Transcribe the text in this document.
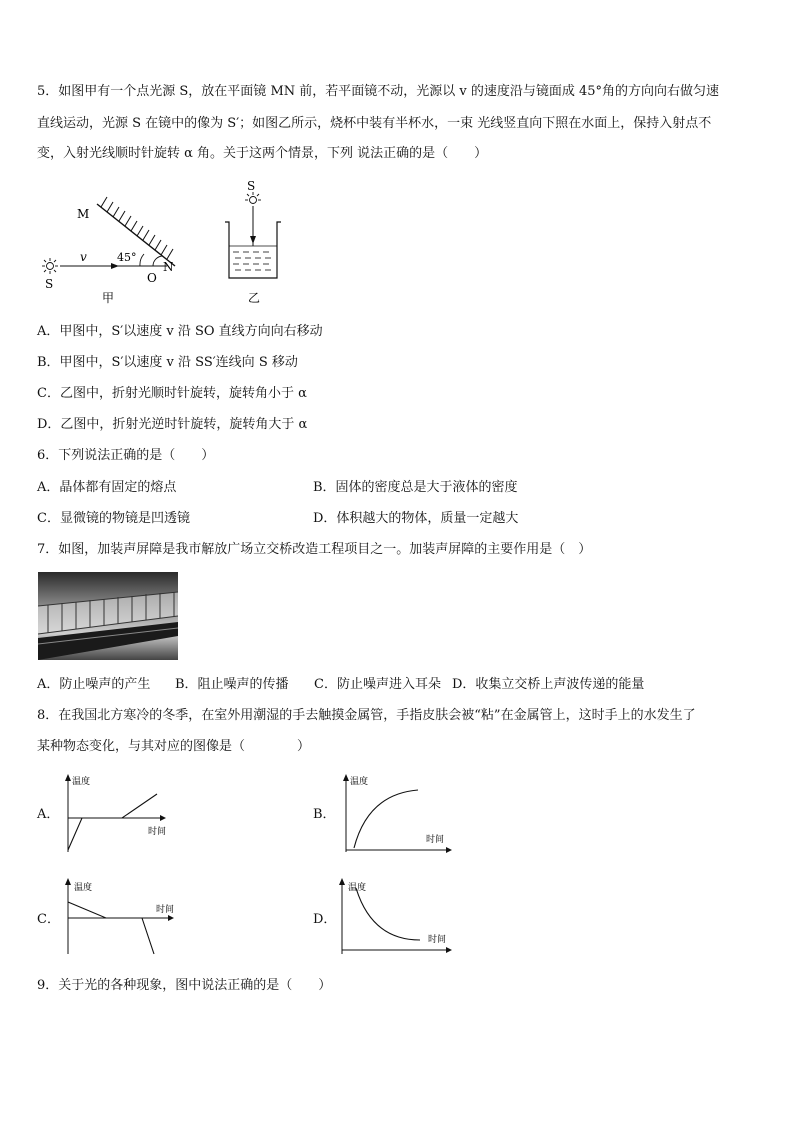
5．如图甲有一个点光源 S，放在平面镜 MN 前，若平面镜不动，光源以 v 的速度沿与镜面成 45°角的方向向右做匀速
直线运动，光源 S 在镜中的像为 S′；如图乙所示，烧杯中装有半杯水，一束 光线竖直向下照在水面上，保持入射点不
变，入射光线顺时针旋转 α 角。关于这两个情景，下列 说法正确的是（　　）
M
N
O
S
v	45°
甲
S
乙
A．甲图中，S′以速度 v 沿 SO 直线方向向右移动
B．甲图中，S′以速度 v 沿 SS′连线向 S 移动
C．乙图中，折射光顺时针旋转，旋转角小于 α
D．乙图中，折射光逆时针旋转，旋转角大于 α
6．下列说法正确的是（　　）
A．晶体都有固定的熔点	B．固体的密度总是大于液体的密度
C．显微镜的物镜是凹透镜	D．体积越大的物体，质量一定越大
7．如图，加装声屏障是我市解放广场立交桥改造工程项目之一。加装声屏障的主要作用是（　）
A．防止噪声的产生 B．阻止噪声的传播 C．防止噪声进入耳朵 D．收集立交桥上声波传递的能量
8．在我国北方寒冷的冬季，在室外用潮湿的手去触摸金属管，手指皮肤会被“粘”在金属管上，这时手上的水发生了
某种物态变化，与其对应的图像是（　　　　）
A．
温度
时间
B．
温度
时间
C．
温度
时间
D．
温度
时间
9．关于光的各种现象，图中说法正确的是（　　）
